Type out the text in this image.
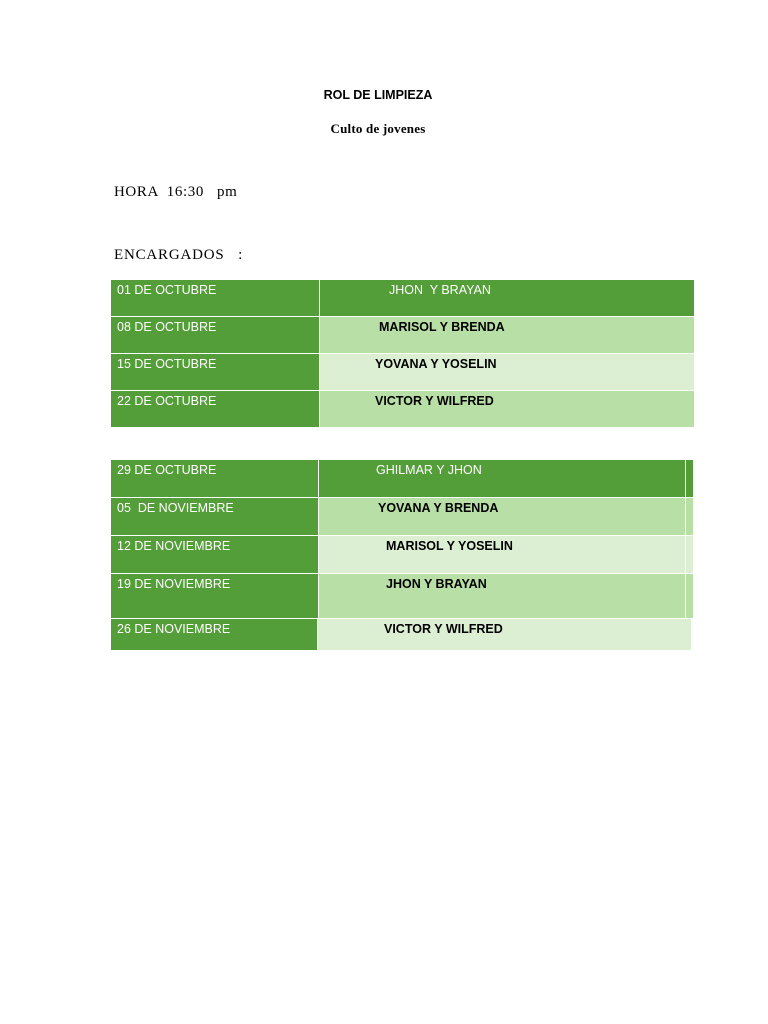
ROL DE LIMPIEZA
Culto de jovenes
HORA  16:30   pm
ENCARGADOS   :
01 DE OCTUBRE	JHON  Y BRAYAN
08 DE OCTUBRE	MARISOL Y BRENDA
15 DE OCTUBRE	YOVANA Y YOSELIN
22 DE OCTUBRE	VICTOR Y WILFRED
29 DE OCTUBRE	GHILMAR Y JHON
05  DE NOVIEMBRE	YOVANA Y BRENDA
12 DE NOVIEMBRE	MARISOL Y YOSELIN
19 DE NOVIEMBRE	JHON Y BRAYAN
26 DE NOVIEMBRE	VICTOR Y WILFRED
